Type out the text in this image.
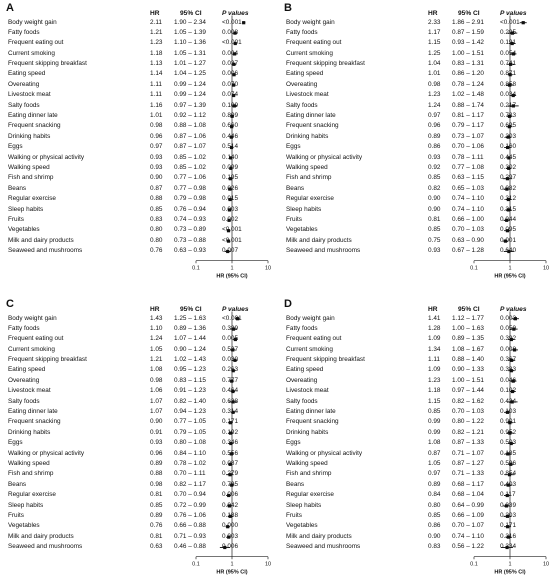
0.1	1	10
HR (95% CI)
A	HR	95% CI	P values
Body weight gain	2.11 1.90 – 2.34	<0.001
Fatty foods	1.21 1.05 – 1.39	0.008
Frequent eating out	1.23 1.10 – 1.36	<0.001
Current smoking	1.18 1.05 – 1.31	0.004
Frequent skipping breakfast	1.13 1.01 – 1.27	0.037
Eating speed	1.14 1.04 – 1.25	0.006
Overeating	1.11 0.99 – 1.24	0.070
Livestock meat	1.11 0.99 – 1.24	0.074
Salty foods	1.16 0.97 – 1.39	0.109
Eating dinner late	1.01 0.92 – 1.12	0.809
Frequent snacking	0.98 0.88 – 1.08	0.660
Drinking habits	0.96 0.87 – 1.06	0.446
Eggs	0.97 0.87 – 1.07	0.514
Walking or physical activity	0.93 0.85 – 1.02	0.140
Walking speed	0.93 0.85 – 1.02	0.099
Fish and shrimp	0.90 0.77 – 1.06	0.195
Beans	0.87 0.77 – 0.98	0.026
Regular exercise	0.88 0.79 – 0.98	0.015
Sleep habits	0.85 0.76 – 0.94	0.003
Fruits	0.83 0.74 – 0.93	0.002
Vegetables	0.80 0.73 – 0.89	<0.001
Milk and dairy products	0.80 0.73 – 0.88	<0.001
Seaweed and mushrooms	0.76 0.63 – 0.93	0.007
0.1	1	10
HR (95% CI)
B	HR	95% CI	P values
Body weight gain	2.33 1.86 – 2.91	<0.001
Fatty foods	1.17 0.87 – 1.59	0.295
Frequent eating out	1.15 0.93 – 1.42	0.191
Current smoking	1.25 1.00 – 1.51	0.054
Frequent skipping breakfast	1.04 0.83 – 1.31	0.741
Eating speed	1.01 0.86 – 1.20	0.871
Overeating	0.98 0.78 – 1.24	0.858
Livestock meat	1.23 1.02 – 1.48	0.034
Salty foods	1.24 0.88 – 1.74	0.217
Eating dinner late	0.97 0.81 – 1.17	0.783
Frequent snacking	0.96 0.79 – 1.17	0.695
Drinking habits	0.89 0.73 – 1.07	0.203
Eggs	0.86 0.70 – 1.06	0.160
Walking or physical activity	0.93 0.78 – 1.11	0.445
Walking speed	0.92 0.77 – 1.08	0.302
Fish and shrimp	0.85 0.63 – 1.15	0.297
Beans	0.82 0.65 – 1.03	0.082
Regular exercise	0.90 0.74 – 1.10	0.312
Sleep habits	0.90 0.74 – 1.10	0.315
Fruits	0.81 0.66 – 1.00	0.044
Vegetables	0.85 0.70 – 1.03	0.095
Milk and dairy products	0.75 0.63 – 0.90	0.001
Seaweed and mushrooms	0.93 0.67 – 1.28	0.640
0.1	1	10
HR (95% CI)
C	HR	95% CI	P values
Body weight gain	1.43 1.25 – 1.63	<0.001
Fatty foods	1.10 0.89 – 1.36	0.389
Frequent eating out	1.24 1.07 – 1.44	0.005
Current smoking	1.05 0.90 – 1.24	0.527
Frequent skipping breakfast	1.21 1.02 – 1.43	0.030
Eating speed	1.08 0.95 – 1.23	0.263
Overeating	0.98 0.83 – 1.15	0.777
Livestock meat	1.06 0.91 – 1.23	0.464
Salty foods	1.07 0.82 – 1.40	0.628
Eating dinner late	1.07 0.94 – 1.23	0.314
Frequent snacking	0.90 0.77 – 1.05	0.171
Drinking habits	0.91 0.79 – 1.05	0.192
Eggs	0.93 0.80 – 1.08	0.346
Walking or physical activity	0.96 0.84 – 1.10	0.556
Walking speed	0.89 0.78 – 1.02	0.087
Fish and shrimp	0.88 0.70 – 1.11	0.279
Beans	0.98 0.82 – 1.17	0.795
Regular exercise	0.81 0.70 – 0.94	0.006
Sleep habits	0.85 0.72 – 0.99	0.042
Fruits	0.89 0.76 – 1.06	0.188
Vegetables	0.76 0.66 – 0.88	0.000
Milk and dairy products	0.81 0.71 – 0.93	0.003
Seaweed and mushrooms	0.63 0.46 – 0.88	0.006
0.1	1	10
HR (95% CI)
D	HR	95% CI	P values
Body weight gain	1.41 1.12 – 1.77	0.003
Fatty foods	1.28 1.00 – 1.63	0.050
Frequent eating out	1.09 0.89 – 1.35	0.392
Current smoking	1.34 1.08 – 1.67	0.008
Frequent skipping breakfast	1.11 0.88 – 1.40	0.367
Eating speed	1.09 0.90 – 1.33	0.383
Overeating	1.23 1.00 – 1.51	0.046
Livestock meat	1.18 0.97 – 1.44	0.102
Salty foods	1.15 0.82 – 1.62	0.424
Eating dinner late	0.85 0.70 – 1.03	0.103
Frequent snacking	0.99 0.80 – 1.22	0.901
Drinking habits	0.99 0.82 – 1.21	0.952
Eggs	1.08 0.87 – 1.33	0.503
Walking or physical activity	0.87 0.71 – 1.07	0.185
Walking speed	1.05 0.87 – 1.27	0.596
Fish and shrimp	0.97 0.71 – 1.33	0.854
Beans	0.89 0.68 – 1.17	0.403
Regular exercise	0.84 0.68 – 1.04	0.117
Sleep habits	0.80 0.64 – 0.99	0.039
Fruits	0.85 0.66 – 1.09	0.203
Vegetables	0.86 0.70 – 1.07	0.171
Milk and dairy products	0.90 0.74 – 1.10	0.316
Seaweed and mushrooms	0.83 0.56 – 1.22	0.334
